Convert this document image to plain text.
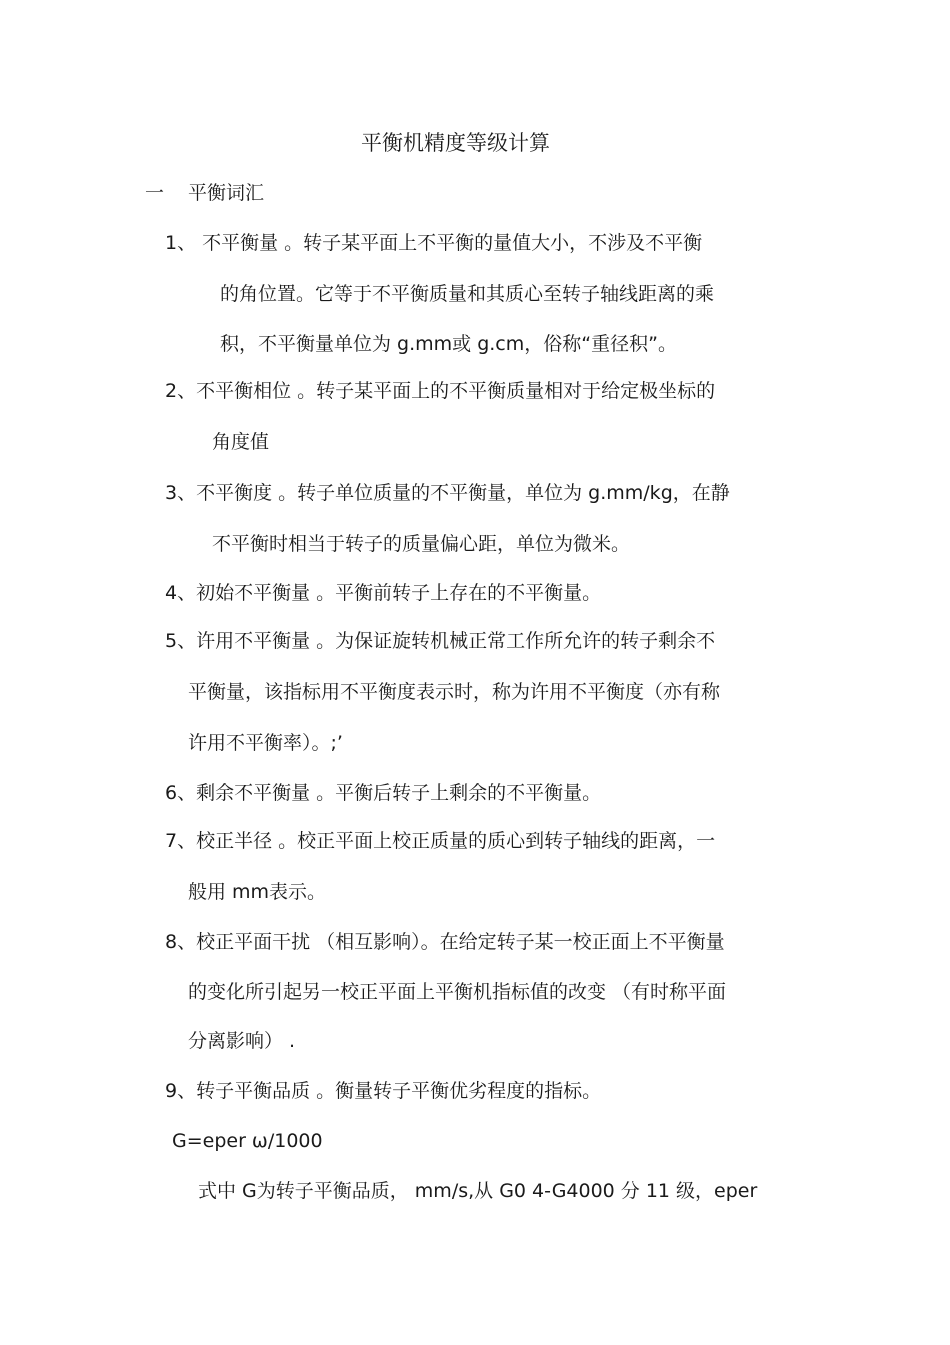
平衡机精度等级计算
一 平衡词汇
1、 不平衡量 。转子某平面上不平衡的量值大小，不涉及不平衡
的角位置。它等于不平衡质量和其质心至转子轴线距离的乘
积，不平衡量单位为 g.mm或 g.cm，俗称“重径积”。
2、不平衡相位 。转子某平面上的不平衡质量相对于给定极坐标的
角度值
3、不平衡度 。转子单位质量的不平衡量，单位为 g.mm/kg，在静
不平衡时相当于转子的质量偏心距，单位为微米。
4、初始不平衡量 。平衡前转子上存在的不平衡量。
5、许用不平衡量 。为保证旋转机械正常工作所允许的转子剩余不
平衡量，该指标用不平衡度表示时，称为许用不平衡度（亦有称
许用不平衡率）。;’
6、剩余不平衡量 。平衡后转子上剩余的不平衡量。
7、校正半径 。校正平面上校正质量的质心到转子轴线的距离，一
般用 mm表示。
8、校正平面干扰 （相互影响）。在给定转子某一校正面上不平衡量
的变化所引起另一校正平面上平衡机指标值的改变 （有时称平面
分离影响） .
9、转子平衡品质 。衡量转子平衡优劣程度的指标。
G=eper ω/1000
式中 G为转子平衡品质， mm/s,从 G0 4-G4000 分 11 级，eper
